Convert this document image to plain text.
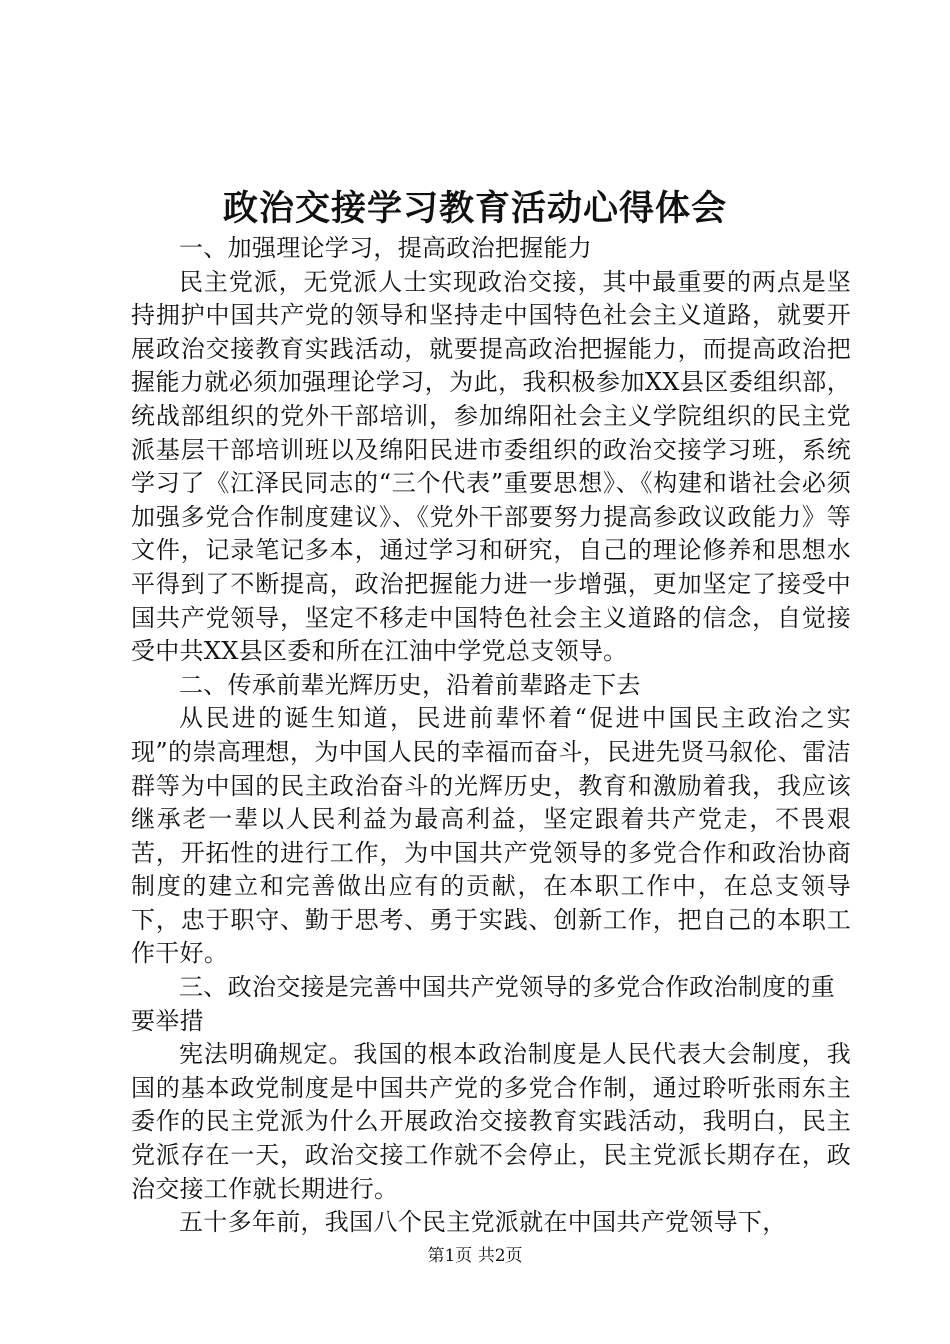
政治交接学习教育活动心得体会

一、加强理论学习，提高政治把握能力

民主党派，无党派人士实现政治交接，其中最重要的两点是坚持拥护中国共产党的领导和坚持走中国特色社会主义道路，就要开展政治交接教育实践活动，就要提高政治把握能力，而提高政治把握能力就必须加强理论学习，为此，我积极参加XX县区委组织部，统战部组织的党外干部培训，参加绵阳社会主义学院组织的民主党派基层干部培训班以及绵阳民进市委组织的政治交接学习班，系统学习了《江泽民同志的“三个代表”重要思想》、《构建和谐社会必须加强多党合作制度建议》、《党外干部要努力提高参政议政能力》等文件，记录笔记多本，通过学习和研究，自己的理论修养和思想水平得到了不断提高，政治把握能力进一步增强，更加坚定了接受中国共产党领导，坚定不移走中国特色社会主义道路的信念，自觉接受中共XX县区委和所在江油中学党总支领导。

二、传承前辈光辉历史，沿着前辈路走下去

从民进的诞生知道，民进前辈怀着“促进中国民主政治之实现”的崇高理想，为中国人民的幸福而奋斗，民进先贤马叙伦、雷洁群等为中国的民主政治奋斗的光辉历史，教育和激励着我，我应该继承老一辈以人民利益为最高利益，坚定跟着共产党走，不畏艰苦，开拓性的进行工作，为中国共产党领导的多党合作和政治协商制度的建立和完善做出应有的贡献，在本职工作中，在总支领导下，忠于职守、勤于思考、勇于实践、创新工作，把自己的本职工作干好。

三、政治交接是完善中国共产党领导的多党合作政治制度的重要举措

宪法明确规定。我国的根本政治制度是人民代表大会制度，我国的基本政党制度是中国共产党的多党合作制，通过聆听张雨东主委作的民主党派为什么开展政治交接教育实践活动，我明白，民主党派存在一天，政治交接工作就不会停止，民主党派长期存在，政治交接工作就长期进行。

五十多年前，我国八个民主党派就在中国共产党领导下，

第1页 共2页
